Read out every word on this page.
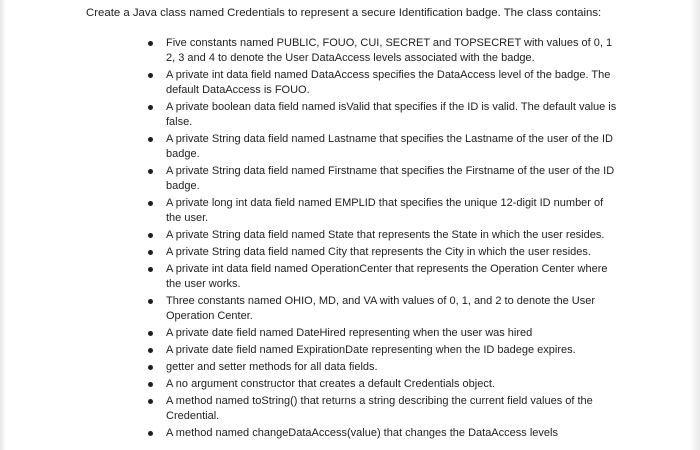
Create a Java class named Credentials to represent a secure Identification badge. The class contains:
Five constants named PUBLIC, FOUO, CUI, SECRET and TOPSECRET with values of 0, 1 2, 3 and 4 to denote the User DataAccess levels associated with the badge.
A private int data field named DataAccess specifies the DataAccess level of the badge. The default DataAccess is FOUO.
A private boolean data field named isValid that specifies if the ID is valid. The default value is false.
A private String data field named Lastname that specifies the Lastname of the user of the ID badge.
A private String data field named Firstname that specifies the Firstname of the user of the ID badge.
A private long int data field named EMPLID that specifies the unique 12-digit ID number of the user.
A private String data field named State that represents the State in which the user resides.
A private String data field named City that represents the City in which the user resides.
A private int data field named OperationCenter that represents the Operation Center where the user works.
Three constants named OHIO, MD, and VA with values of 0, 1, and 2 to denote the User Operation Center.
A private date field named DateHired representing when the user was hired
A private date field named ExpirationDate representing when the ID badege expires.
getter and setter methods for all data fields.
A no argument constructor that creates a default Credentials object.
A method named toString() that returns a string describing the current field values of the Credential.
A method named changeDataAccess(value) that changes the DataAccess levels
